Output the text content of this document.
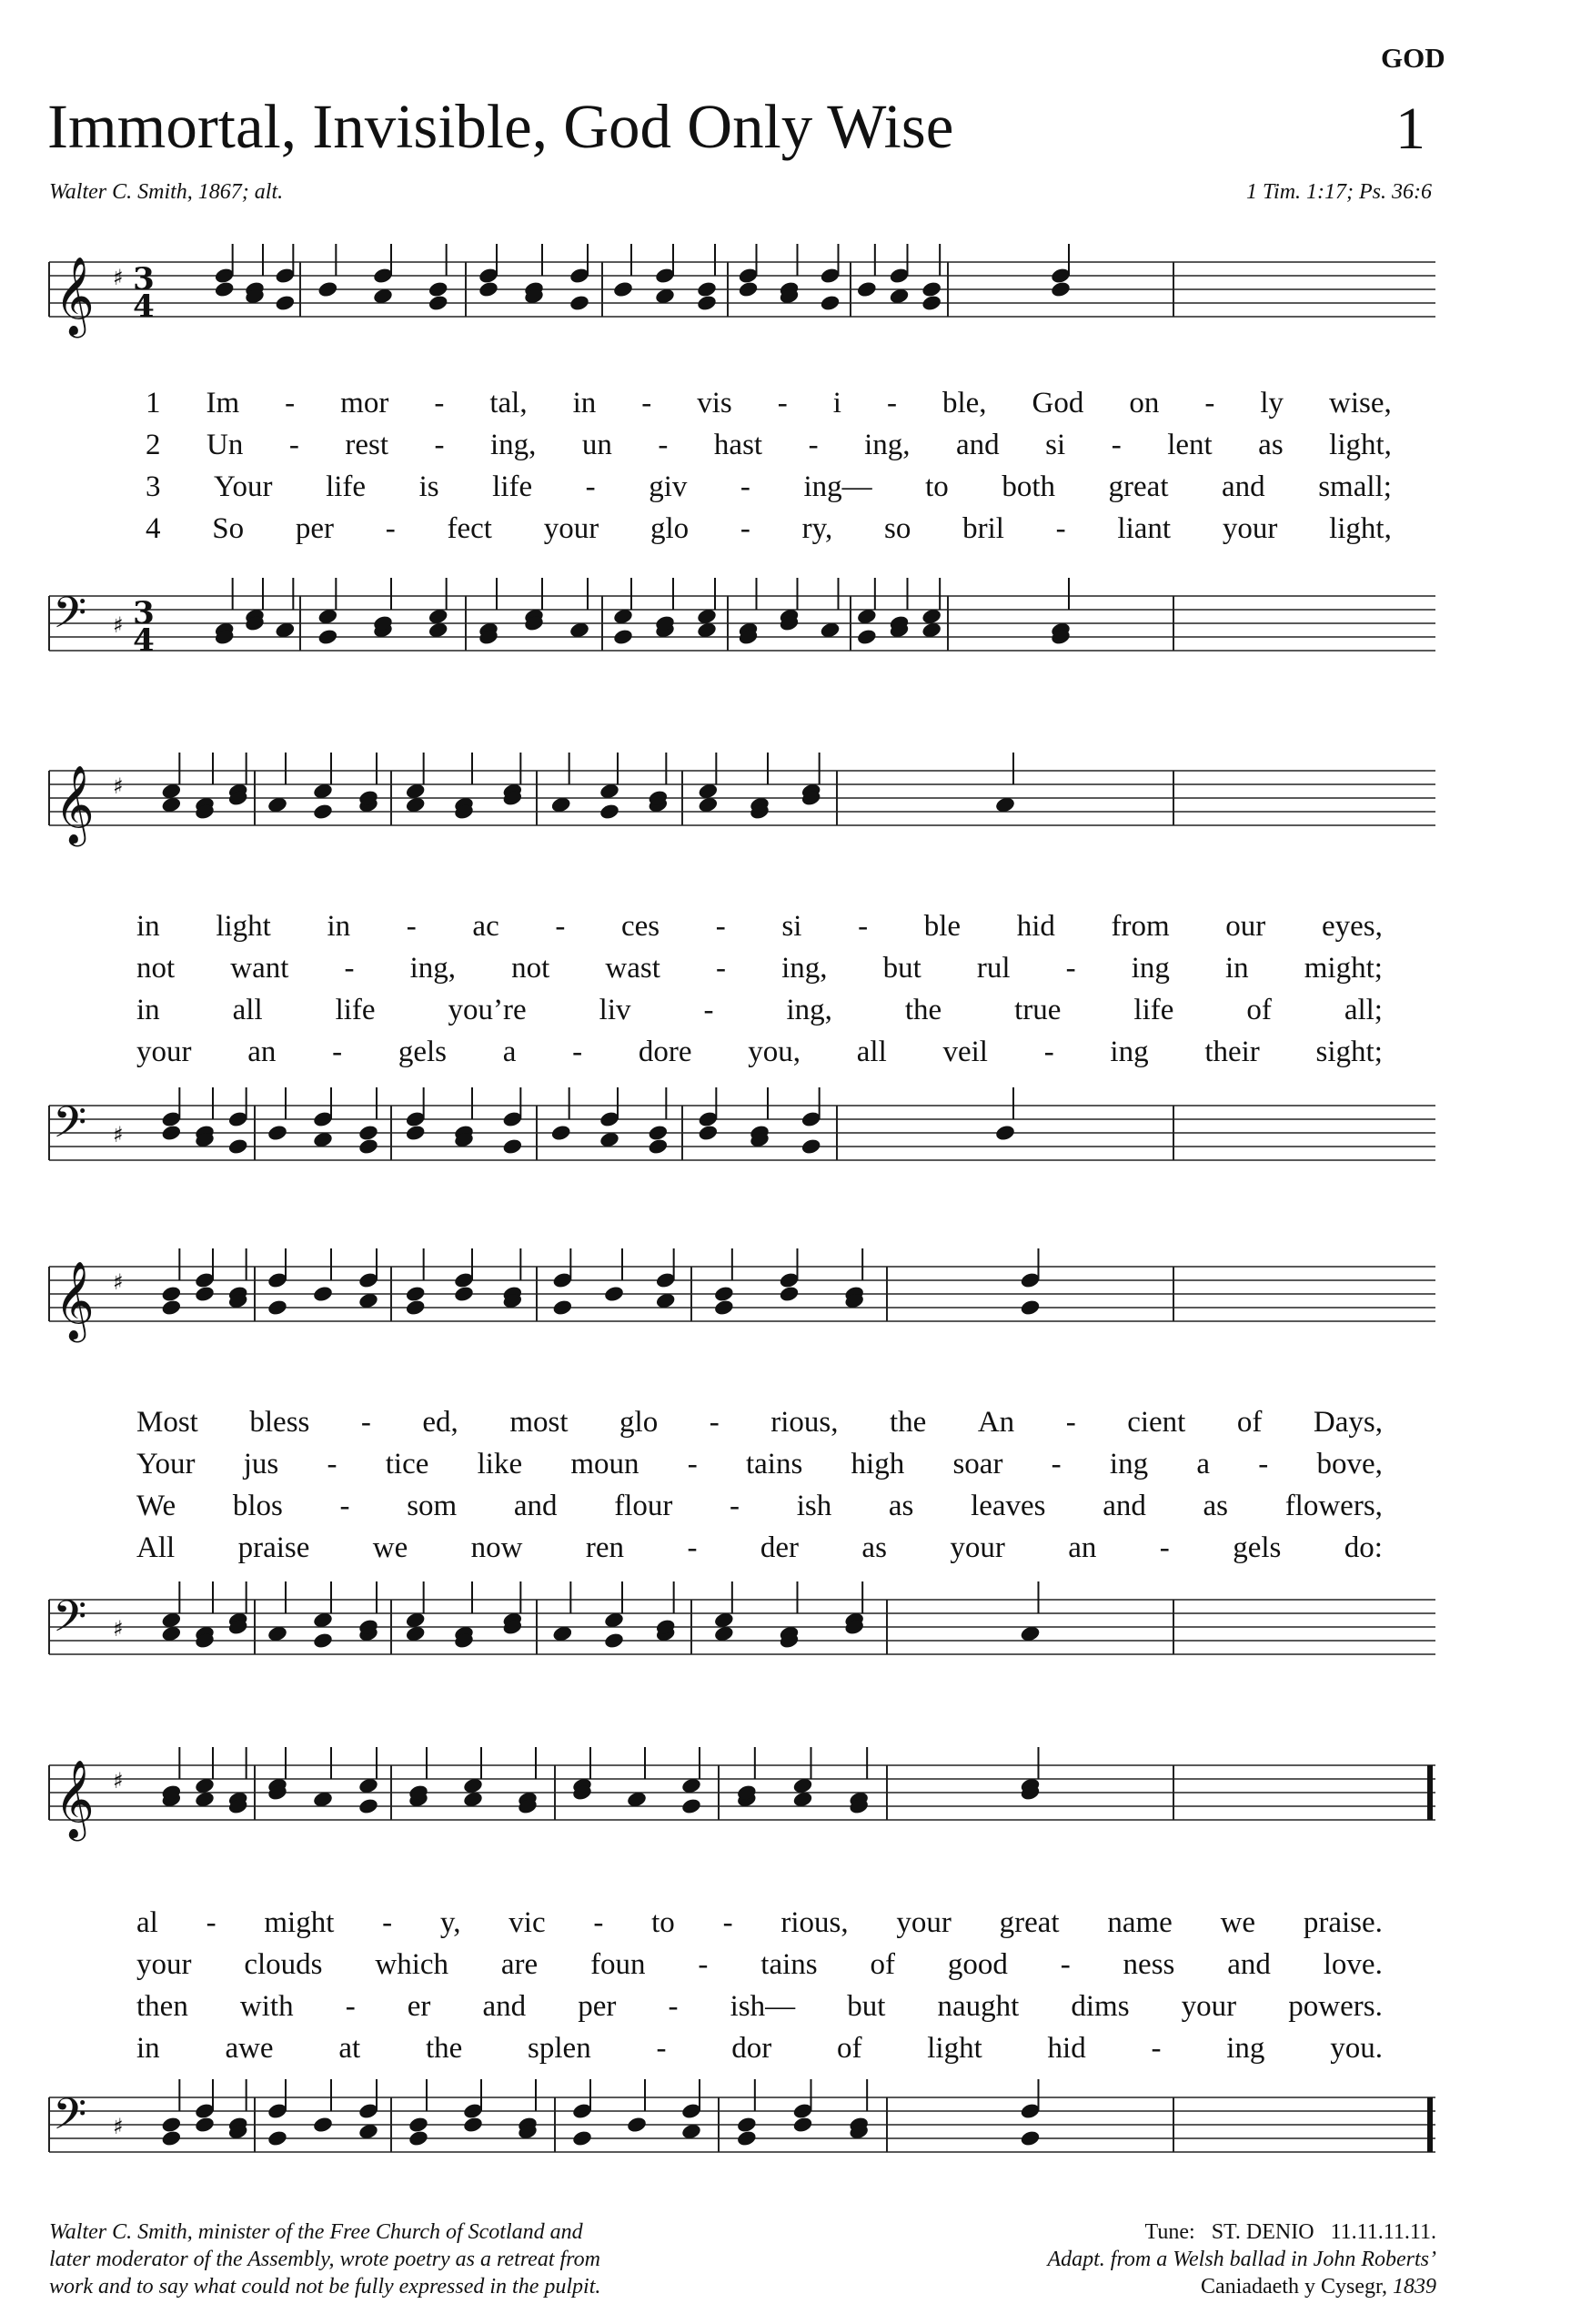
GOD
Immortal, Invisible, God Only Wise	1
Walter C. Smith, 1867; alt.	1 Tim. 1:17; Ps. 36:6
𝄞 ♯ 3
4
𝄢 ♯ 3
4
𝄞 ♯
𝄢 ♯
𝄞 ♯
𝄢 ♯
𝄞 ♯
𝄢 ♯
1 Im - mor - tal, in - vis - i - ble, God on - ly wise,
2 Un - rest - ing, un - hast - ing, and si - lent as light,
3 Your life is life - giv - ing— to both great and small;
4 So per - fect your glo - ry, so bril - liant your light,
in light in - ac - ces - si - ble hid from our eyes,
not want - ing, not wast - ing, but rul - ing in might;
in all life you’re liv - ing, the true life of all;
your an - gels a - dore you, all veil - ing their sight;
Most bless - ed, most glo - rious, the An - cient of Days,
Your jus - tice like moun - tains high soar - ing a - bove,
We blos - som and flour - ish as leaves and as flowers,
All praise we now ren - der as your an - gels do:
al - might - y, vic - to - rious, your great name we praise.
your clouds which are foun - tains of good - ness and love.
then with - er and per - ish— but naught dims your powers.
in awe at the splen - dor of light hid - ing you.
Walter C. Smith, minister of the Free Church of Scotland and
later moderator of the Assembly, wrote poetry as a retreat from
work and to say what could not be fully expressed in the pulpit.
Tune: ST. DENIO 11.11.11.11.
Adapt. from a Welsh ballad in John Roberts’
Caniadaeth y Cysegr, 1839
